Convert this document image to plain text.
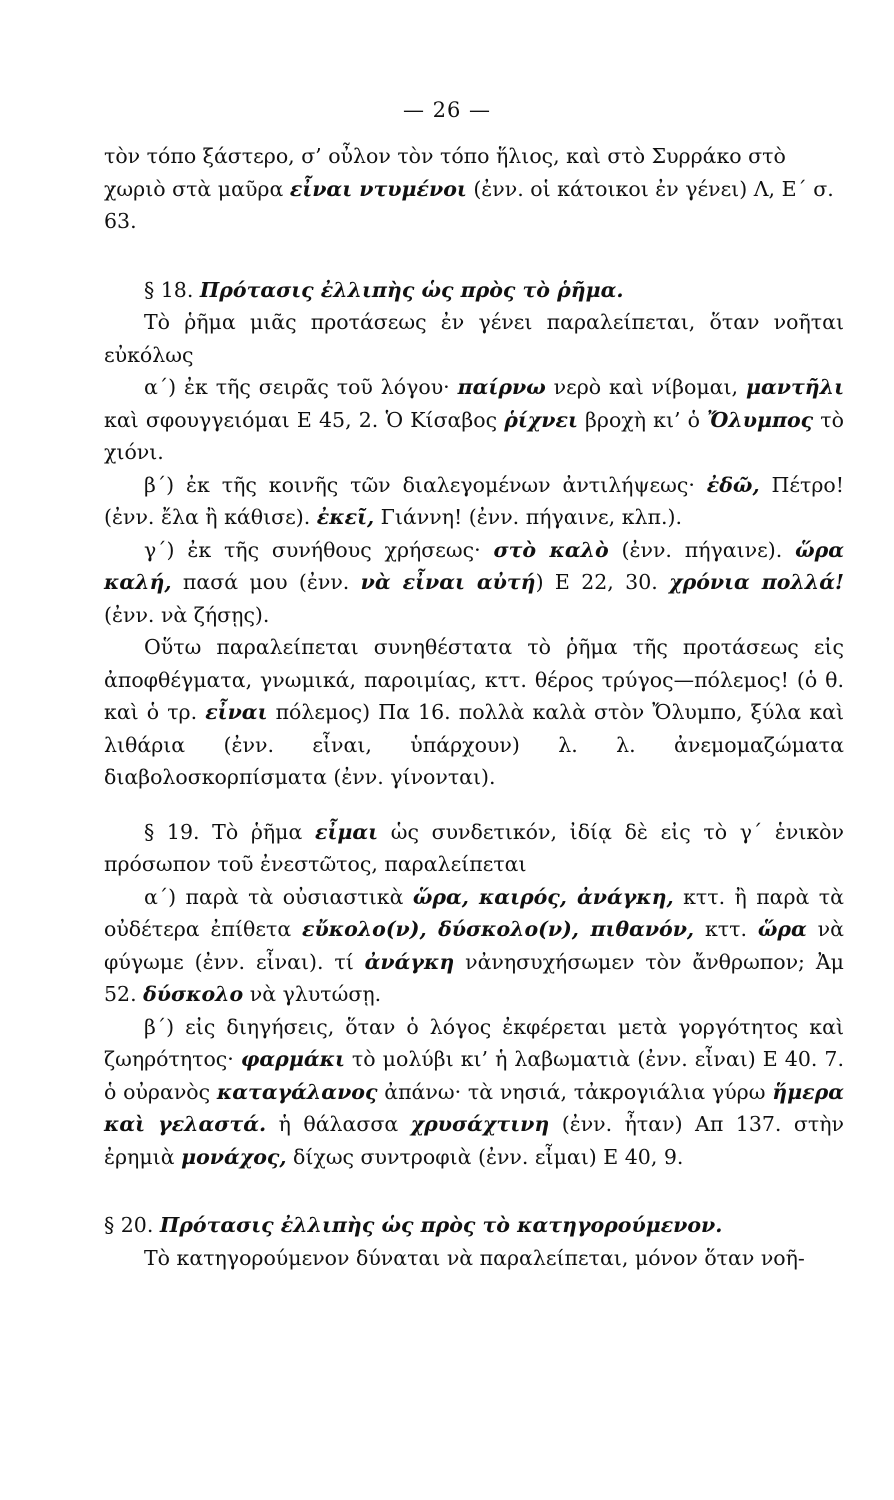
— 26 —

τὸν τόπο ξάστερο, σ’ οὖλον τὸν τόπο ἥλιος, καὶ στὸ Συρράκο στὸ χωριὸ στὰ μαῦρα εἶναι ντυμένοι (ἐνν. οἱ κάτοικοι ἐν γένει) Λ, Ε΄ σ. 63.

§ 18. Πρότασις ἐλλιπὴς ὡς πρὸς τὸ ῥῆμα.

Τὸ ῥῆμα μιᾶς προτάσεως ἐν γένει παραλείπεται, ὅταν νοῆται εὐκόλως

α΄) ἐκ τῆς σειρᾶς τοῦ λόγου· παίρνω νερὸ καὶ νίβομαι, μαντῆλι καὶ σφουγγειόμαι Ε 45, 2. Ὁ Κίσαβος ῥίχνει βροχὴ κι’ ὁ Ὄλυμπος τὸ χιόνι.

β΄) ἐκ τῆς κοινῆς τῶν διαλεγομένων ἀντιλήψεως· ἐδῶ, Πέτρο! (ἐνν. ἔλα ἢ κάθισε). ἐκεῖ, Γιάννη! (ἐνν. πήγαινε, κλπ.).

γ΄) ἐκ τῆς συνήθους χρήσεως· στὸ καλὸ (ἐνν. πήγαινε). ὥρα καλή, πασά μου (ἐνν. νὰ εἶναι αὐτή) Ε 22, 30. χρόνια πολλά! (ἐνν. νὰ ζήσῃς).

Οὕτω παραλείπεται συνηθέστατα τὸ ῥῆμα τῆς προτάσεως εἰς ἀποφθέγματα, γνωμικά, παροιμίας, κττ. θέρος τρύγος—πόλεμος! (ὁ θ. καὶ ὁ τρ. εἶναι πόλεμος) Πα 16. πολλὰ καλὰ στὸν Ὄλυμπο, ξύλα καὶ λιθάρια (ἐνν. εἶναι, ὑπάρχουν) λ. λ. ἀνεμομαζώματα διαβολοσκορπίσματα (ἐνν. γίνονται).

§ 19. Τὸ ῥῆμα εἶμαι ὡς συνδετικόν, ἰδίᾳ δὲ εἰς τὸ γ΄ ἑνικὸν πρόσωπον τοῦ ἐνεστῶτος, παραλείπεται

α΄) παρὰ τὰ οὐσιαστικὰ ὥρα, καιρός, ἀνάγκη, κττ. ἢ παρὰ τὰ οὐδέτερα ἐπίθετα εὔκολο(ν), δύσκολο(ν), πιθανόν, κττ. ὥρα νὰ φύγωμε (ἐνν. εἶναι). τί ἀνάγκη νἀνησυχήσωμεν τὸν ἄνθρωπον; Ἀμ 52. δύσκολο νὰ γλυτώσῃ.

β΄) εἰς διηγήσεις, ὅταν ὁ λόγος ἐκφέρεται μετὰ γοργότητος καὶ ζωηρότητος· φαρμάκι τὸ μολύβι κι’ ἡ λαβωματιὰ (ἐνν. εἶναι) Ε 40. 7. ὁ οὐρανὸς καταγάλανος ἀπάνω· τὰ νησιά, τἀκρογιάλια γύρω ἥμερα καὶ γελαστά. ἡ θάλασσα χρυσάχτινη (ἐνν. ἦταν) Απ 137. στὴν ἐρημιὰ μονάχος, δίχως συντροφιὰ (ἐνν. εἶμαι) Ε 40, 9.

§ 20. Πρότασις ἐλλιπὴς ὡς πρὸς τὸ κατηγορούμενον.

Τὸ κατηγορούμενον δύναται νὰ παραλείπεται, μόνον ὅταν νοῆ-
